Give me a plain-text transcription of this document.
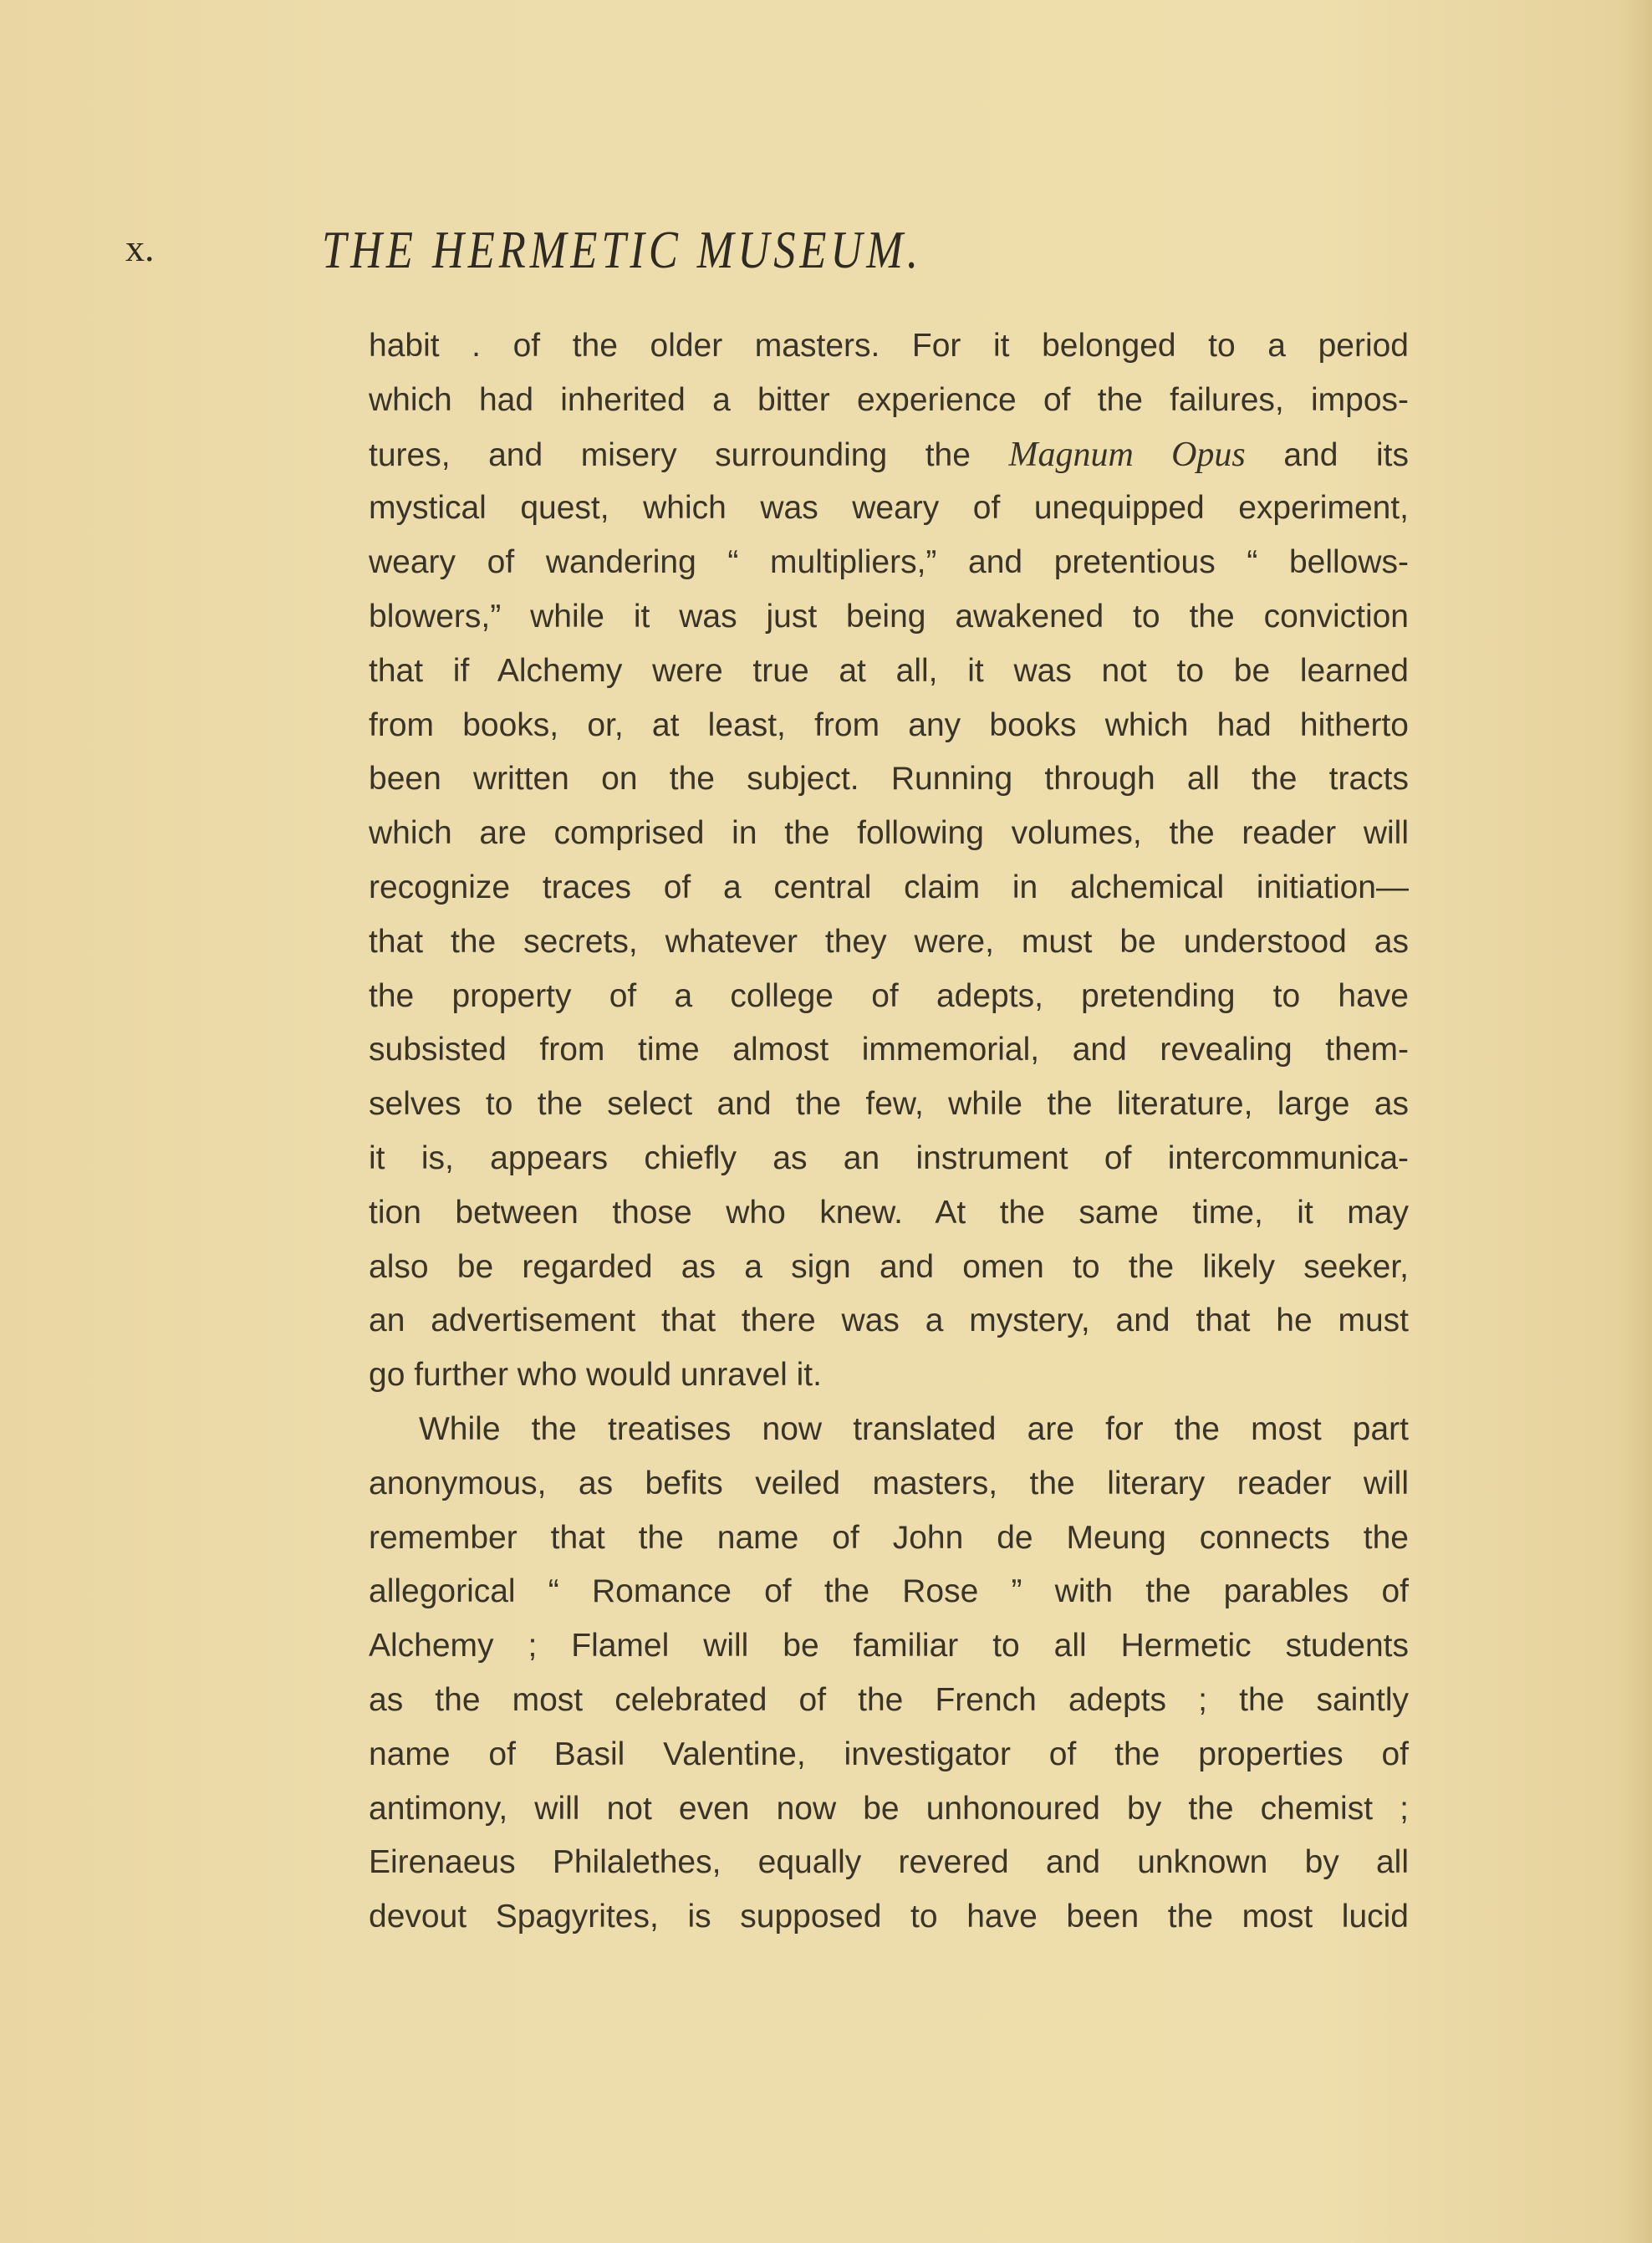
x.	THE HERMETIC MUSEUM.
habit . of the older masters. For it belonged to a period
which had inherited a bitter experience of the failures, impos-
tures, and misery surrounding the Magnum Opus and its
mystical quest, which was weary of unequipped experiment,
weary of wandering “ multipliers,” and pretentious “ bellows-
blowers,” while it was just being awakened to the conviction
that if Alchemy were true at all, it was not to be learned
from books, or, at least, from any books which had hitherto
been written on the subject. Running through all the tracts
which are comprised in the following volumes, the reader will
recognize traces of a central claim in alchemical initiation—
that the secrets, whatever they were, must be understood as
the property of a college of adepts, pretending to have
subsisted from time almost immemorial, and revealing them-
selves to the select and the few, while the literature, large as
it is, appears chiefly as an instrument of intercommunica-
tion between those who knew. At the same time, it may
also be regarded as a sign and omen to the likely seeker,
an advertisement that there was a mystery, and that he must
go further who would unravel it.
While the treatises now translated are for the most part
anonymous, as befits veiled masters, the literary reader will
remember that the name of John de Meung connects the
allegorical “ Romance of the Rose ” with the parables of
Alchemy ; Flamel will be familiar to all Hermetic students
as the most celebrated of the French adepts ; the saintly
name of Basil Valentine, investigator of the properties of
antimony, will not even now be unhonoured by the chemist ;
Eirenaeus Philalethes, equally revered and unknown by all
devout Spagyrites, is supposed to have been the most lucid
